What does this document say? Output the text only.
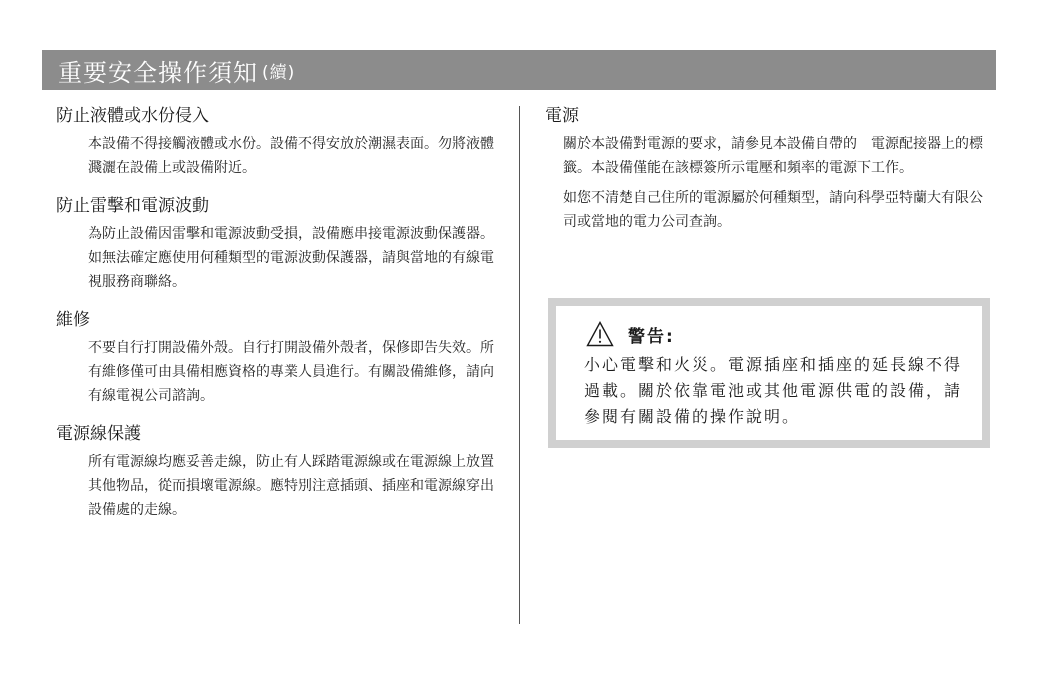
重要安全操作須知 (續)
防止液體或水份侵入
本設備不得接觸液體或水份。設備不得安放於潮濕表面。勿將液體濺灑在設備上或設備附近。
防止雷擊和電源波動
為防止設備因雷擊和電源波動受損，設備應串接電源波動保護器。如無法確定應使用何種類型的電源波動保護器，請與當地的有線電視服務商聯絡。
維修
不要自行打開設備外殼。自行打開設備外殼者，保修即告失效。所有維修僅可由具備相應資格的專業人員進行。有關設備維修，請向有線電視公司諮詢。
電源線保護
所有電源線均應妥善走線，防止有人踩踏電源線或在電源線上放置其他物品，從而損壞電源線。應特別注意插頭、插座和電源線穿出設備處的走線。
電源

關於本設備對電源的要求，請參見本設備自帶的　電源配接器上的標籤。本設備僅能在該標簽所示電壓和頻率的電源下工作。

如您不清楚自己住所的電源屬於何種類型，請向科學亞特蘭大有限公司或當地的電力公司查詢。

警告:

小心電擊和火災。電源插座和插座的延長線不得過載。關於依靠電池或其他電源供電的設備，請參閱有關設備的操作說明。
